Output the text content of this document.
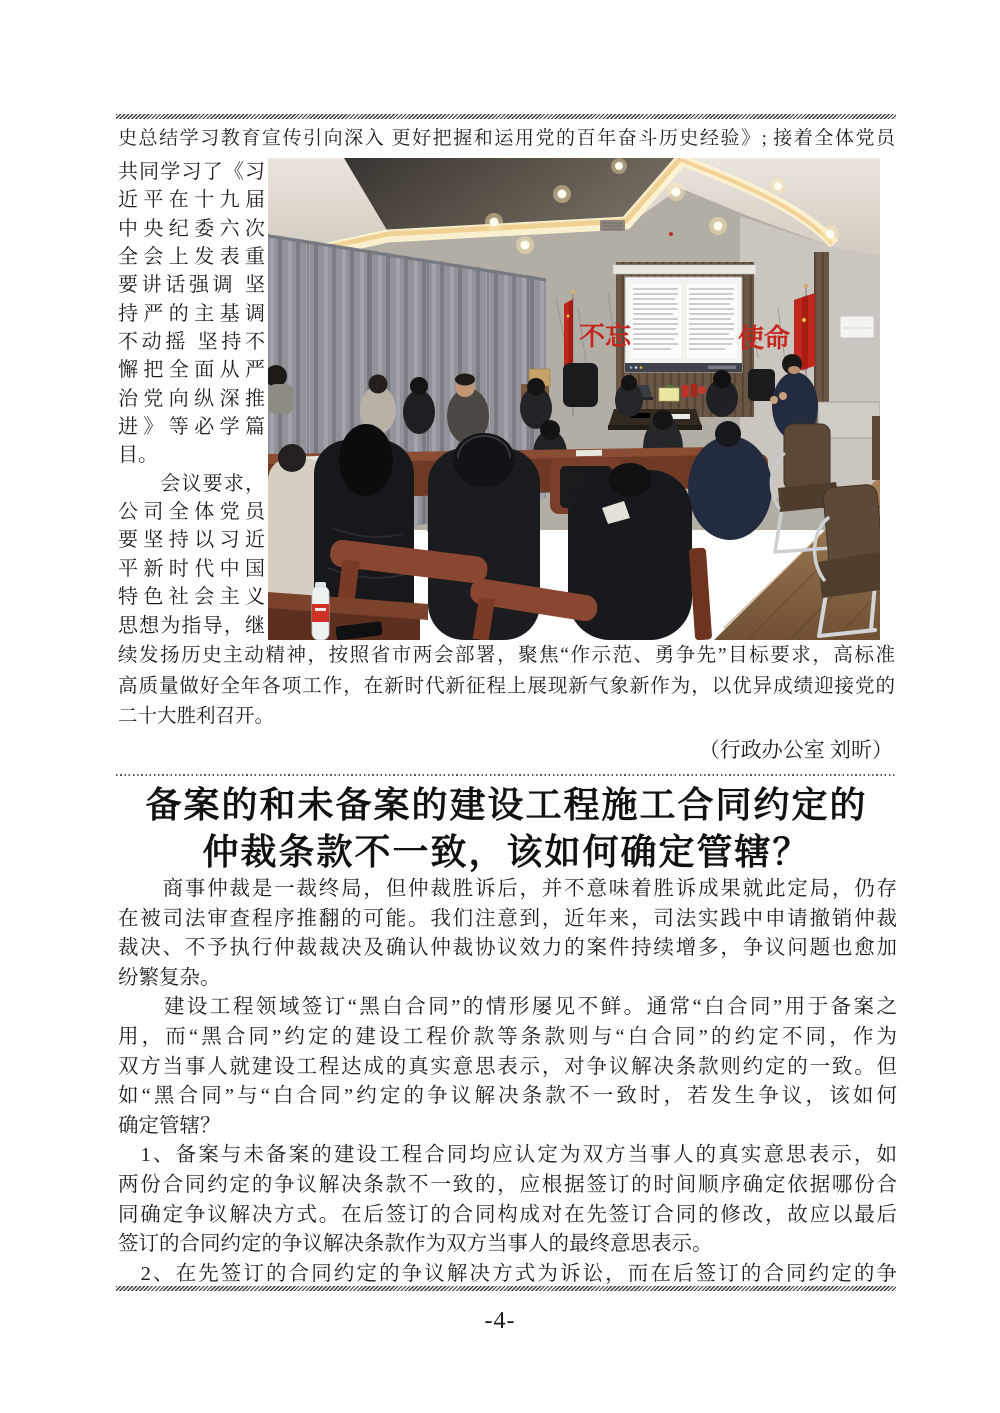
史总结学习教育宣传引向深入 更好把握和运用党的百年奋斗历史经验》; 接着全体党员
共同学习了《习
近平在十九届
中央纪委六次
全会上发表重
要讲话强调 坚
持严的主基调
不动摇 坚持不
懈把全面从严
治党向纵深推
进》等必学篇
目。
　　会议要求，
公司全体党员
要坚持以习近
平新时代中国
特色社会主义
思想为指导，继
不忘	使命
续发扬历史主动精神，按照省市两会部署，聚焦“作示范、勇争先”目标要求，高标准
高质量做好全年各项工作，在新时代新征程上展现新气象新作为，以优异成绩迎接党的
二十大胜利召开。
（行政办公室 刘昕）
备案的和未备案的建设工程施工合同约定的
仲裁条款不一致，该如何确定管辖？
　　商事仲裁是一裁终局，但仲裁胜诉后，并不意味着胜诉成果就此定局，仍存
在被司法审查程序推翻的可能。我们注意到，近年来，司法实践中申请撤销仲裁
裁决、不予执行仲裁裁决及确认仲裁协议效力的案件持续增多，争议问题也愈加
纷繁复杂。
　　建设工程领域签订“黑白合同”的情形屡见不鲜。通常“白合同”用于备案之
用，而“黑合同”约定的建设工程价款等条款则与“白合同”的约定不同，作为
双方当事人就建设工程达成的真实意思表示，对争议解决条款则约定的一致。但
如“黑合同”与“白合同”约定的争议解决条款不一致时，若发生争议，该如何
确定管辖？
　1、备案与未备案的建设工程合同均应认定为双方当事人的真实意思表示，如
两份合同约定的争议解决条款不一致的，应根据签订的时间顺序确定依据哪份合
同确定争议解决方式。在后签订的合同构成对在先签订合同的修改，故应以最后
签订的合同约定的争议解决条款作为双方当事人的最终意思表示。
　2、在先签订的合同约定的争议解决方式为诉讼，而在后签订的合同约定的争
-4-
